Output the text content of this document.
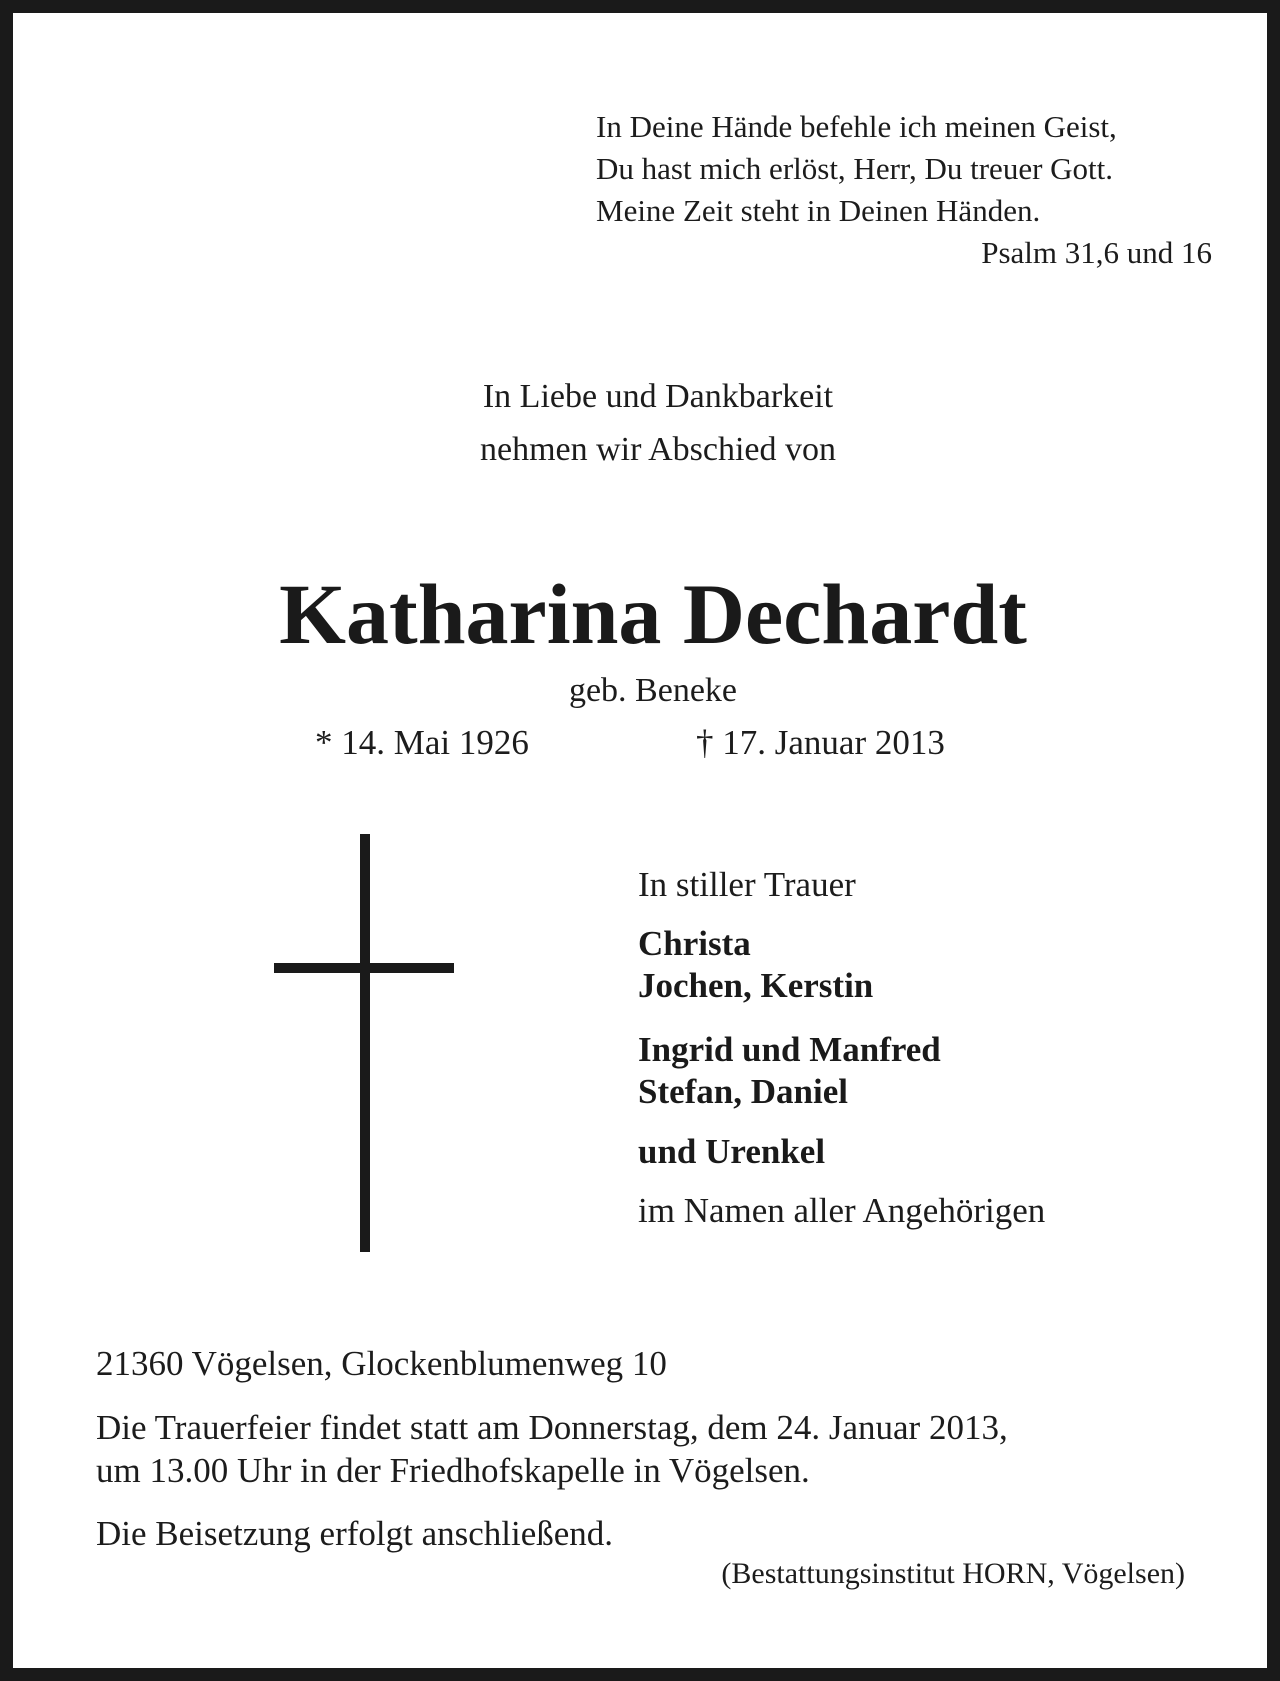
In Deine Hände befehle ich meinen Geist,
Du hast mich erlöst, Herr, Du treuer Gott.
Meine Zeit steht in Deinen Händen.
Psalm 31,6 und 16
In Liebe und Dankbarkeit
nehmen wir Abschied von
Katharina Dechardt
geb. Beneke
* 14. Mai 1926	† 17. Januar 2013
In stiller Trauer
Christa
Jochen, Kerstin
Ingrid und Manfred
Stefan, Daniel
und Urenkel
im Namen aller Angehörigen
21360 Vögelsen, Glockenblumenweg 10
Die Trauerfeier findet statt am Donnerstag, dem 24. Januar 2013,
um 13.00 Uhr in der Friedhofskapelle in Vögelsen.
Die Beisetzung erfolgt anschließend.
(Bestattungsinstitut HORN, Vögelsen)
